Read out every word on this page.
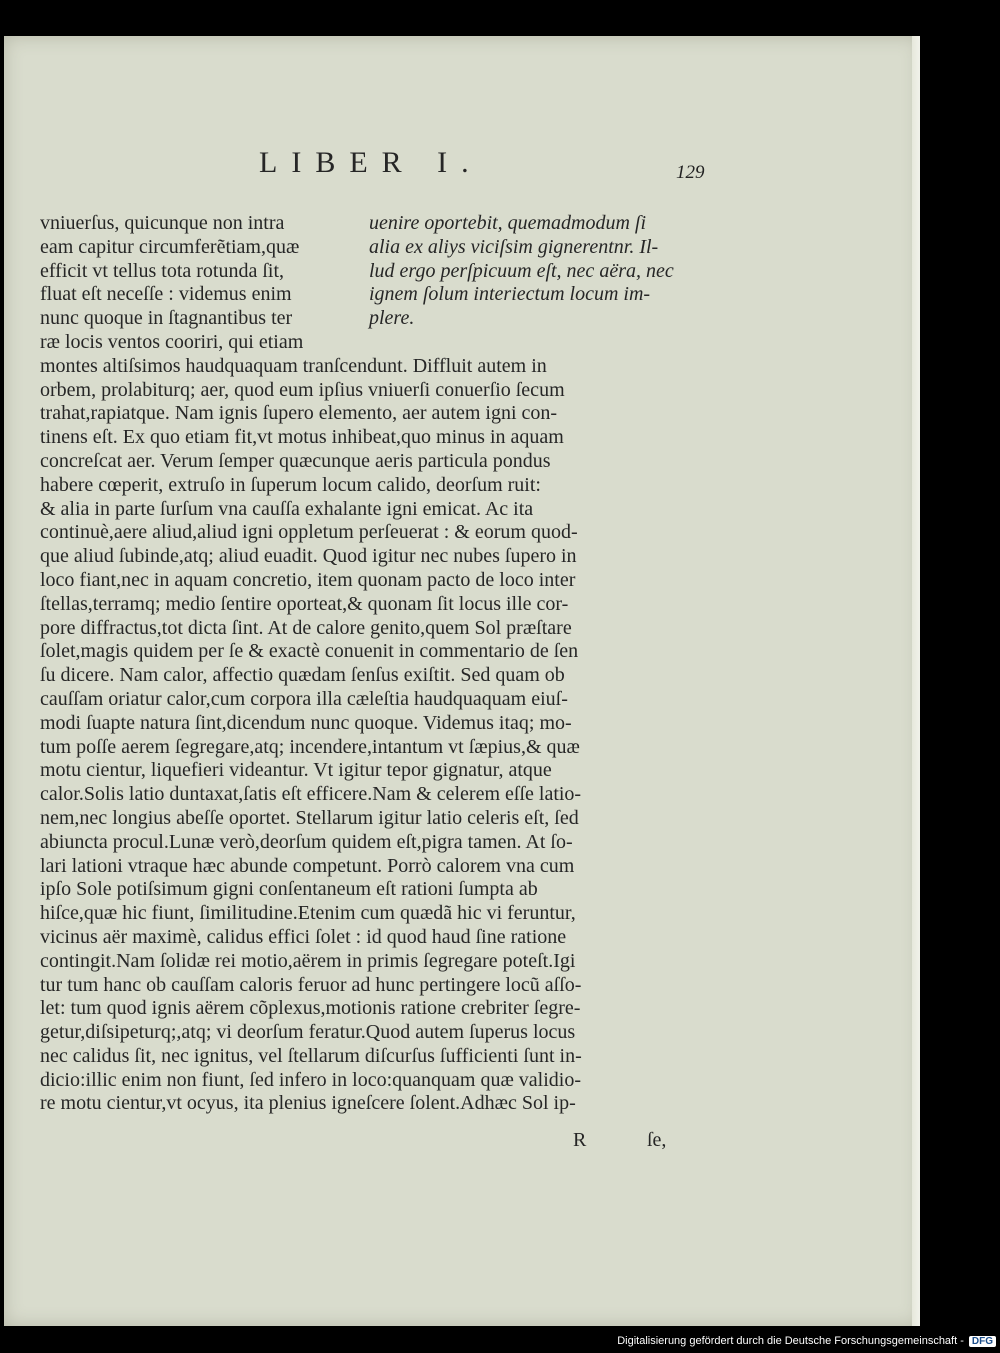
LIBER I.	129
vniuerſus, quicunque non intra	uenire oportebit, quemadmodum ſi
eam capitur circumferẽtiam,quæ	alia ex aliys viciſsim gignerentnr. Il-
efficit vt tellus tota rotunda ſit,	lud ergo perſpicuum eſt, nec aëra, nec
fluat eſt neceſſe : videmus enim	ignem ſolum interiectum locum im-
nunc quoque in ſtagnantibus ter	plere.
ræ locis ventos cooriri, qui etiam
montes altiſsimos haudquaquam tranſcendunt. Diffluit autem in
orbem, prolabiturq; aer, quod eum ipſius vniuerſi conuerſio ſecum
trahat,rapiatque. Nam ignis ſupero elemento, aer autem igni con-
tinens eſt. Ex quo etiam fit,vt motus inhibeat,quo minus in aquam
concreſcat aer. Verum ſemper quæcunque aeris particula pondus
habere cœperit, extruſo in ſuperum locum calido, deorſum ruit:
& alia in parte ſurſum vna cauſſa exhalante igni emicat. Ac ita
continuè,aere aliud,aliud igni oppletum perſeuerat : & eorum quod-
que aliud ſubinde,atq; aliud euadit. Quod igitur nec nubes ſupero in
loco fiant,nec in aquam concretio, item quonam pacto de loco inter
ſtellas,terramq; medio ſentire oporteat,& quonam ſit locus ille cor-
pore diffractus,tot dicta ſint. At de calore genito,quem Sol præſtare
ſolet,magis quidem per ſe & exactè conuenit in commentario de ſen
ſu dicere. Nam calor, affectio quædam ſenſus exiſtit. Sed quam ob
cauſſam oriatur calor,cum corpora illa cæleſtia haudquaquam eiuſ-
modi ſuapte natura ſint,dicendum nunc quoque. Videmus itaq; mo-
tum poſſe aerem ſegregare,atq; incendere,intantum vt ſæpius,& quæ
motu cientur, liquefieri videantur. Vt igitur tepor gignatur, atque
calor.Solis latio duntaxat,ſatis eſt efficere.Nam & celerem eſſe latio-
nem,nec longius abeſſe oportet. Stellarum igitur latio celeris eſt, ſed
abiuncta procul.Lunæ verò,deorſum quidem eſt,pigra tamen. At ſo-
lari lationi vtraque hæc abunde competunt. Porrò calorem vna cum
ipſo Sole potiſsimum gigni conſentaneum eſt rationi ſumpta ab
hiſce,quæ hic fiunt, ſimilitudine.Etenim cum quædã hic vi feruntur,
vicinus aër maximè, calidus effici ſolet : id quod haud ſine ratione
contingit.Nam ſolidæ rei motio,aërem in primis ſegregare poteſt.Igi
tur tum hanc ob cauſſam caloris feruor ad hunc pertingere locũ aſſo-
let: tum quod ignis aërem cõplexus,motionis ratione crebriter ſegre-
getur,diſsipeturq;,atq; vi deorſum feratur.Quod autem ſuperus locus
nec calidus ſit, nec ignitus, vel ſtellarum diſcurſus ſufficienti ſunt in-
dicio:illic enim non fiunt, ſed infero in loco:quanquam quæ validio-
re motu cientur,vt ocyus, ita plenius igneſcere ſolent.Adhæc Sol ip-
R	ſe,
Digitalisierung gefördert durch die Deutsche Forschungsgemeinschaft - DFG
